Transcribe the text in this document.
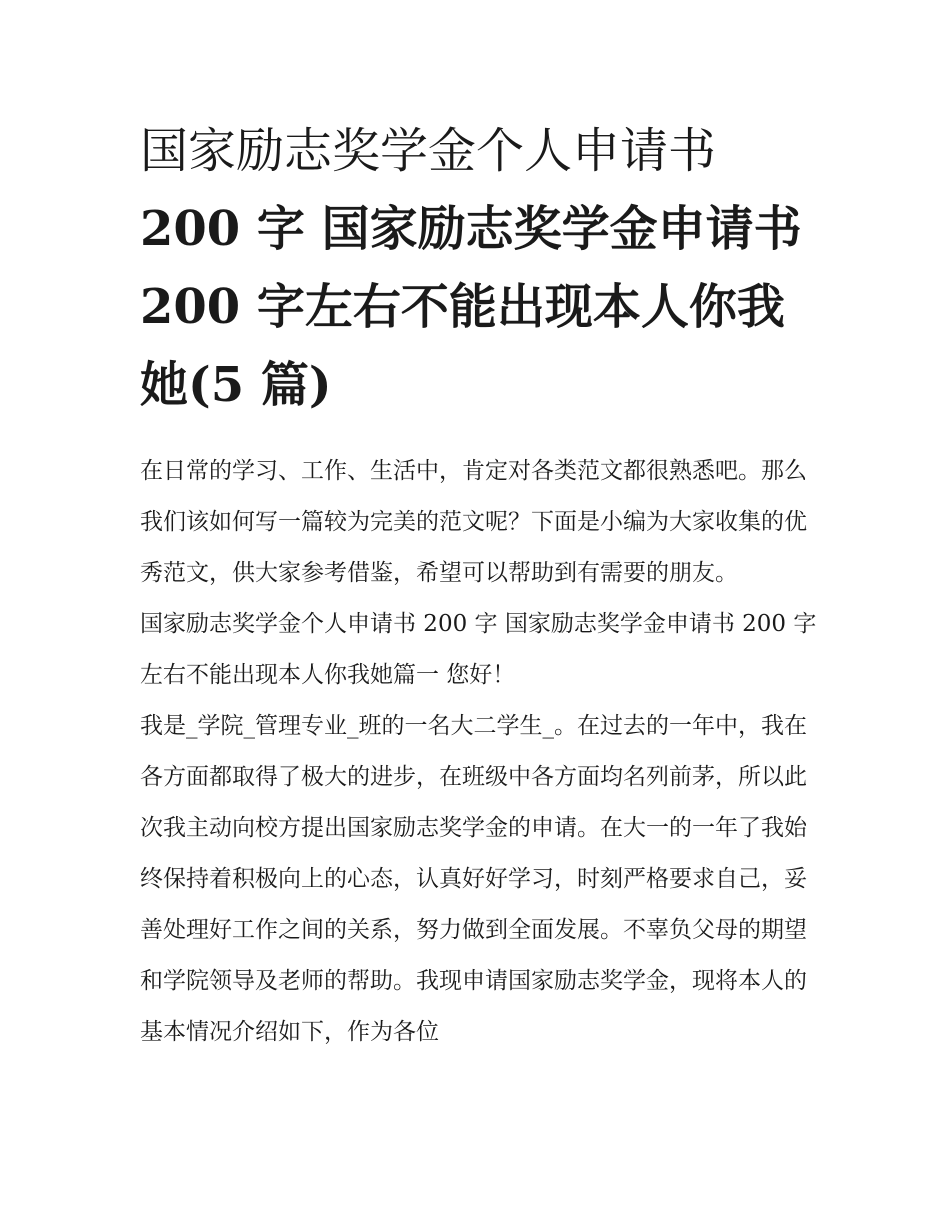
国家励志奖学金个人申请书
200 字 国家励志奖学金申请书
200 字左右不能出现本人你我
她(5 篇)

在日常的学习、工作、生活中，肯定对各类范文都很熟悉吧。那么我们该如何写一篇较为完美的范文呢？下面是小编为大家收集的优秀范文，供大家参考借鉴，希望可以帮助到有需要的朋友。

国家励志奖学金个人申请书 200 字 国家励志奖学金申请书 200 字左右不能出现本人你我她篇一 您好！

我是_学院_管理专业_班的一名大二学生_。在过去的一年中，我在各方面都取得了极大的进步，在班级中各方面均名列前茅，所以此次我主动向校方提出国家励志奖学金的申请。在大一的一年了我始终保持着积极向上的心态，认真好好学习，时刻严格要求自己，妥善处理好工作之间的关系，努力做到全面发展。不辜负父母的期望和学院领导及老师的帮助。我现申请国家励志奖学金，现将本人的基本情况介绍如下，作为各位
